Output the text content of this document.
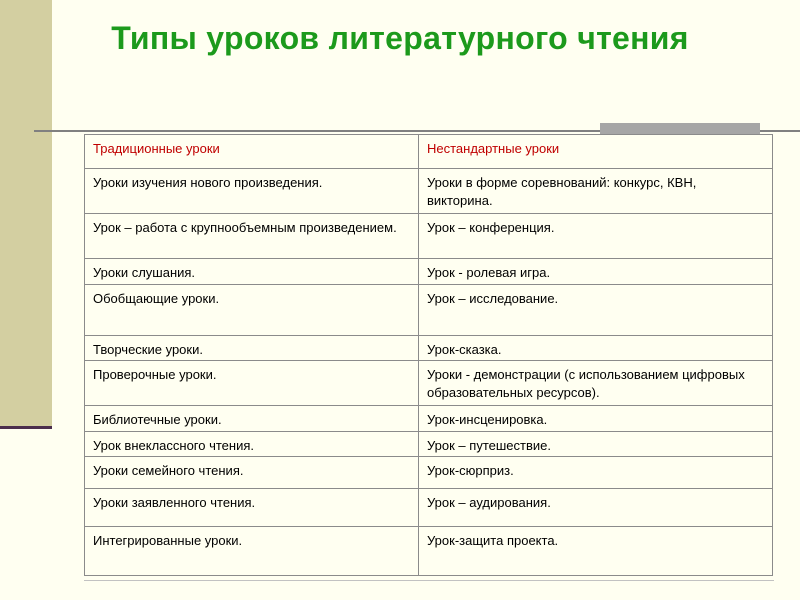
Типы уроков литературного чтения
Традиционные уроки	Нестандартные уроки
Уроки изучения нового произведения.	Уроки в форме соревнований: конкурс, КВН, викторина.
Урок – работа с крупнообъемным произведением.	Урок – конференция.
Уроки слушания.	Урок - ролевая игра.
Обобщающие уроки.	Урок – исследование.
Творческие уроки.	Урок-сказка.
Проверочные уроки.	Уроки - демонстрации (с использованием цифровых образовательных ресурсов).
Библиотечные уроки.	Урок-инсценировка.
Урок внеклассного чтения.	Урок – путешествие.
Уроки семейного чтения.	Урок-сюрприз.
Уроки заявленного чтения.	Урок – аудирования.
Интегрированные уроки.	Урок-защита проекта.
